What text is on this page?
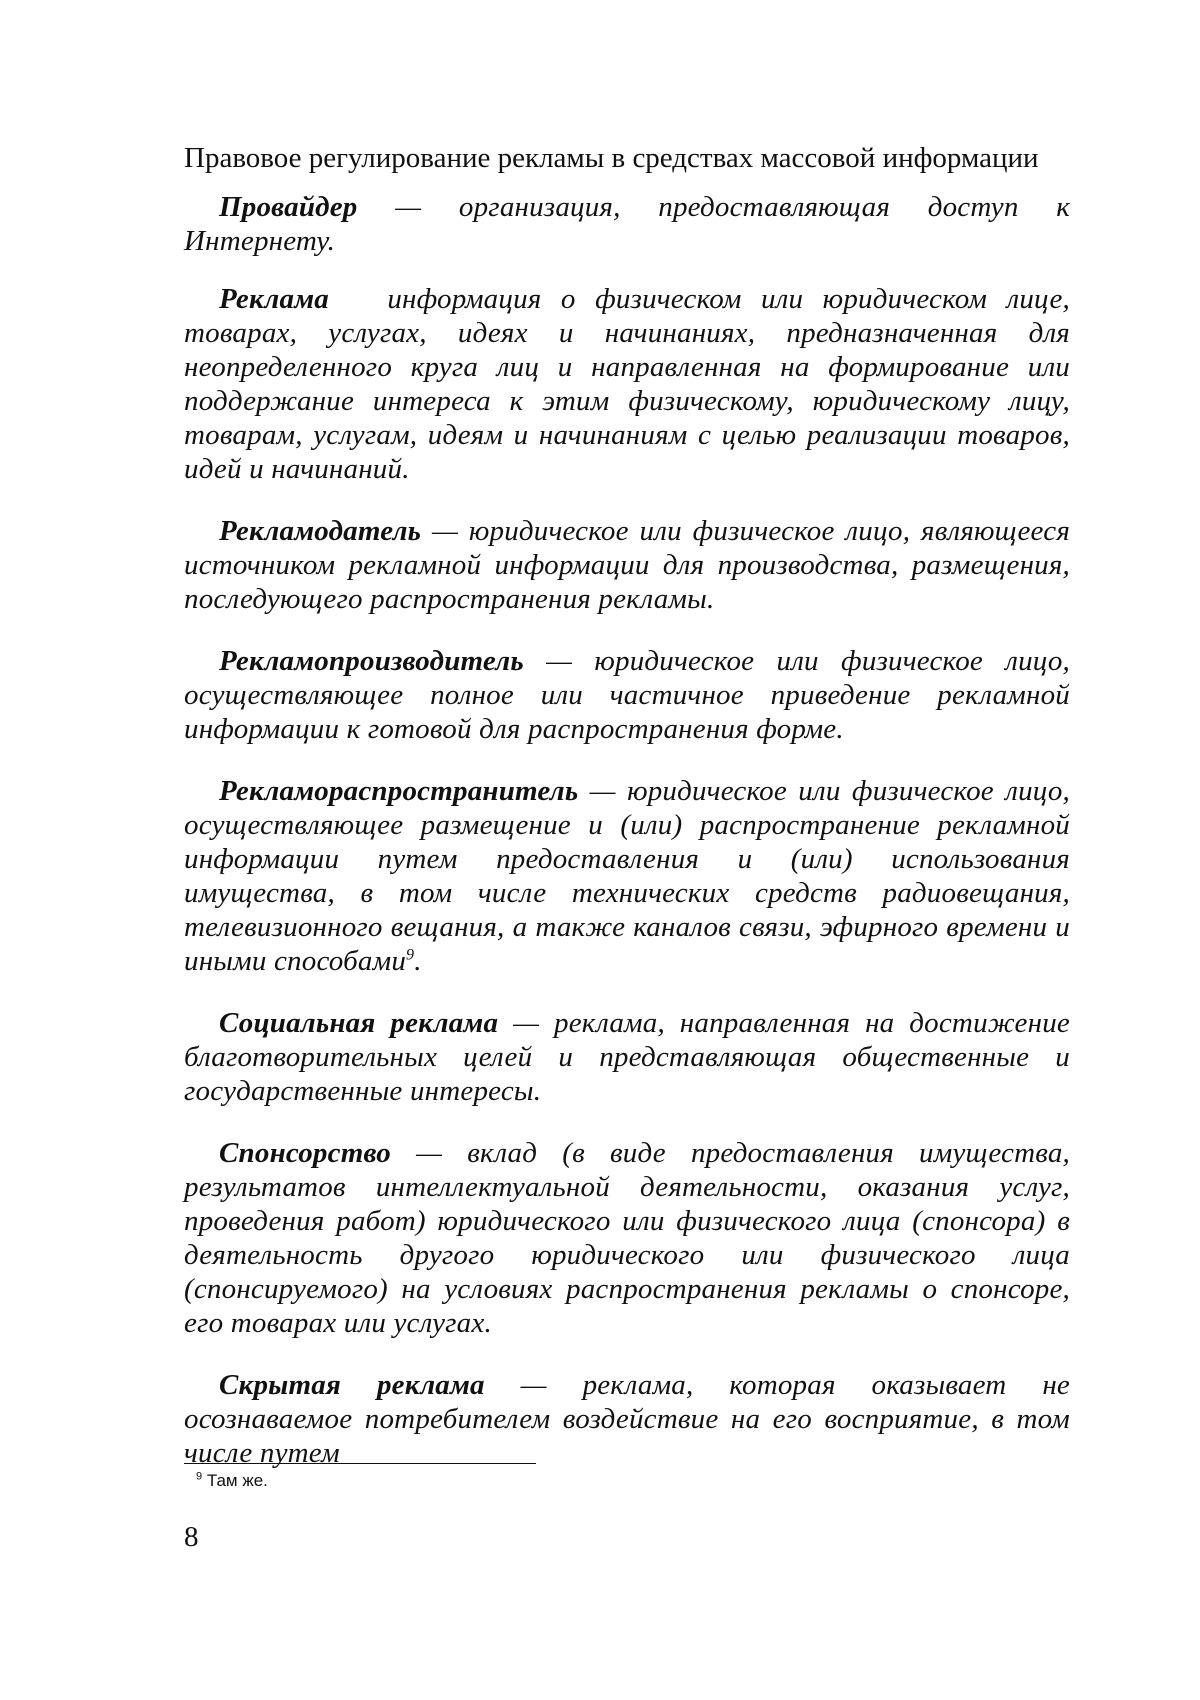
Правовое регулирование рекламы в средствах массовой информации

Провайдер — организация, предоставляющая доступ к Интернету.

Реклама информация о физическом или юридическом лице, товарах, услугах, идеях и начинаниях, предназначенная для неопределенного круга лиц и направленная на формирование или поддержание интереса к этим физическому, юридическому лицу, товарам, услугам, идеям и начинаниям с целью реализации товаров, идей и начинаний.

Рекламодатель — юридическое или физическое лицо, являющееся источником рекламной информации для производства, размещения, последующего распространения рекламы.

Рекламопроизводитель — юридическое или физическое лицо, осуществляющее полное или частичное приведение рекламной информации к готовой для распространения форме.

Рекламораспространитель — юридическое или физическое лицо, осуществляющее размещение и (или) распространение рекламной информации путем предоставления и (или) использования имущества, в том числе технических средств радиовещания, телевизионного вещания, а также каналов связи, эфирного времени и иными способами$^9$.

Социальная реклама — реклама, направленная на достижение благотворительных целей и представляющая общественные и государственные интересы.

Спонсорство — вклад (в виде предоставления имущества, результатов интеллектуальной деятельности, оказания услуг, проведения работ) юридического или физического лица (спонсора) в деятельность другого юридического или физического лица (спонсируемого) на условиях распространения рекламы о спонсоре, его товарах или услугах.

Скрытая реклама — реклама, которая оказывает не осознаваемое потребителем воздействие на его восприятие, в том числе путем

$^9$ Там же.
8
